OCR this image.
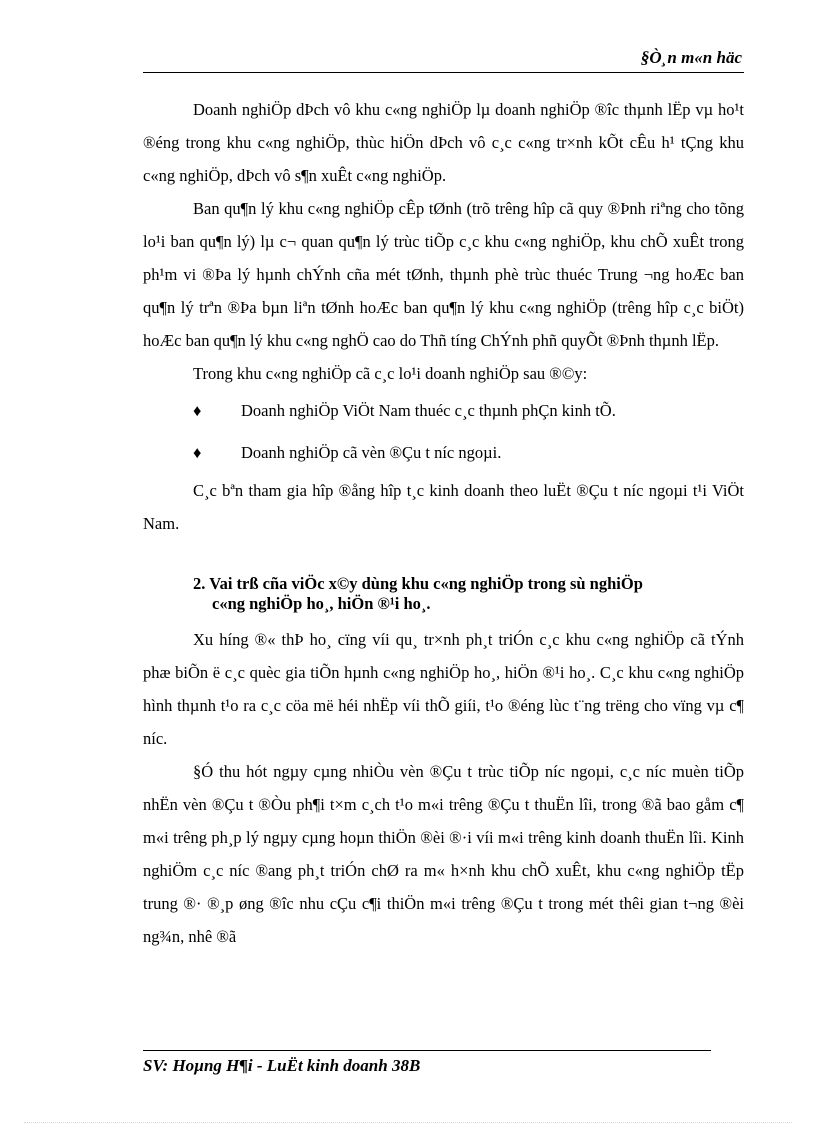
§Ò¸n m«n häc

Doanh nghiÖp dÞch vô khu c«ng nghiÖp lµ doanh nghiÖp ®îc thµnh lËp vµ ho¹t ®éng trong khu c«ng nghiÖp, thùc hiÖn dÞch vô c¸c c«ng tr×nh kÕt cÊu h¹ tÇng khu c«ng nghiÖp, dÞch vô s¶n xuÊt c«ng nghiÖp.

Ban qu¶n lý khu c«ng nghiÖp cÊp tØnh (trõ trêng hîp cã quy ®Þnh riªng cho tõng lo¹i ban qu¶n lý) lµ c¬ quan qu¶n lý trùc tiÕp c¸c khu c«ng nghiÖp, khu chÕ xuÊt trong ph¹m vi ®Þa lý hµnh chÝnh cña mét tØnh, thµnh phè trùc thuéc Trung ¬ng hoÆc ban qu¶n lý trªn ®Þa bµn liªn tØnh hoÆc ban qu¶n lý khu c«ng nghiÖp (trêng hîp c¸c biÖt) hoÆc ban qu¶n lý khu c«ng nghÖ cao do Thñ tíng ChÝnh phñ quyÕt ®Þnh thµnh lËp.

Trong khu c«ng nghiÖp cã c¸c lo¹i doanh nghiÖp sau ®©y:

♦ Doanh nghiÖp ViÖt Nam thuéc c¸c thµnh phÇn kinh tÕ.
♦ Doanh nghiÖp cã vèn ®Çu t níc ngoµi.

C¸c bªn tham gia hîp ®ång hîp t¸c kinh doanh theo luËt ®Çu t níc ngoµi t¹i ViÖt Nam.

2. Vai trß cña viÖc x©y dùng khu c«ng nghiÖp trong sù nghiÖp
c«ng nghiÖp ho¸, hiÖn ®¹i ho¸.

Xu híng ®« thÞ ho¸ cïng víi qu¸ tr×nh ph¸t triÓn c¸c khu c«ng nghiÖp cã tÝnh phæ biÕn ë c¸c quèc gia tiÕn hµnh c«ng nghiÖp ho¸, hiÖn ®¹i ho¸. C¸c khu c«ng nghiÖp hình thµnh t¹o ra c¸c cöa më héi nhËp víi thÕ giíi, t¹o ®éng lùc t¨ng trëng cho vïng vµ c¶ níc.

§Ó thu hót ngµy cµng nhiÒu vèn ®Çu t trùc tiÕp níc ngoµi, c¸c níc muèn tiÕp nhËn vèn ®Çu t ®Òu ph¶i t×m c¸ch t¹o m«i trêng ®Çu t thuËn lîi, trong ®ã bao gåm c¶ m«i trêng ph¸p lý ngµy cµng hoµn thiÖn ®èi ®·i víi m«i trêng kinh doanh thuËn lîi. Kinh nghiÖm c¸c níc ®ang ph¸t triÓn chØ ra m« h×nh khu chÕ xuÊt, khu c«ng nghiÖp tËp trung ®· ®¸p øng ®îc nhu cÇu c¶i thiÖn m«i trêng ®Çu t trong mét thêi gian t¬ng ®èi ng¾n, nhê ®ã

SV: Hoµng H¶i - LuËt kinh doanh 38B
